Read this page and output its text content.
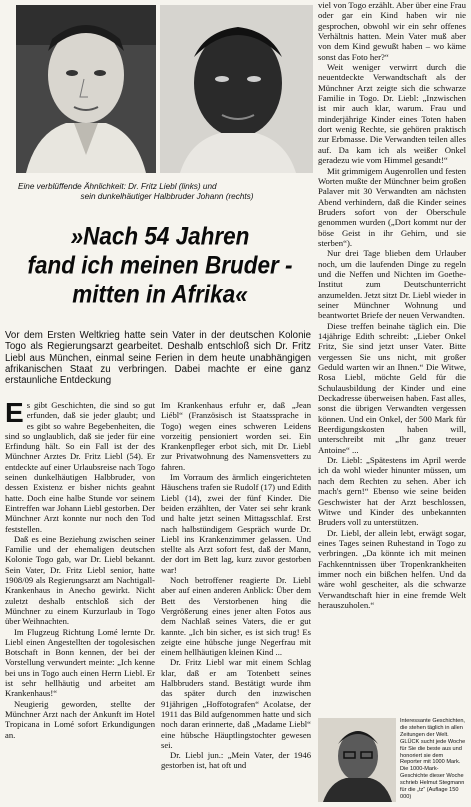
Eine verblüffende Ähnlichkeit: Dr. Fritz Liebl (links) und
sein dunkelhäutiger Halbbruder Johann (rechts)
»Nach 54 Jahren
fand ich meinen Bruder -
mitten in Afrika«
Vor dem Ersten Weltkrieg hatte sein Vater in der deutschen Kolonie Togo als Regierungsarzt gearbeitet. Deshalb entschloß sich Dr. Fritz Liebl aus München, einmal seine Ferien in dem heute unabhängigen afrikanischen Staat zu verbringen. Dabei machte er eine ganz erstaunliche Entdeckung

Es gibt Geschichten, die sind so gut erfunden, daß sie jeder glaubt; und es gibt so wahre Begebenheiten, die sind so unglaublich, daß sie jeder für eine Erfindung hält. So ein Fall ist der des Münchner Arztes Dr. Fritz Liebl (54). Er entdeckte auf einer Urlaubsreise nach Togo seinen dunkelhäutigen Halbbruder, von dessen Existenz er bisher nichts geahnt hatte. Doch eine halbe Stunde vor seinem Eintreffen war Johann Liebl gestorben. Der Münchner Arzt konnte nur noch den Tod feststellen.

Daß es eine Beziehung zwischen seiner Familie und der ehemaligen deutschen Kolonie Togo gab, war Dr. Liebl bekannt. Sein Vater, Dr. Fritz Liebl senior, hatte 1908/09 als Regierungsarzt am Nachtigall-Krankenhaus in Anecho gewirkt. Nicht zuletzt deshalb entschloß sich der Münchner zu einem Kurzurlaub in Togo über Weihnachten.

Im Flugzeug Richtung Lomé lernte Dr. Liebl einen Angestellten der togolesischen Botschaft in Bonn kennen, der bei der Vorstellung verwundert meinte: „Ich kenne bei uns in Togo auch einen Herrn Liebl. Er ist sehr hellhäutig und arbeitet am Krankenhaus!“

Neugierig geworden, stellte der Münchner Arzt nach der Ankunft im Hotel Tropicana in Lomé sofort Erkundigungen an.

Im Krankenhaus erfuhr er, daß „Jean Liébl“ (Französisch ist Staatssprache in Togo) wegen eines schweren Leidens vorzeitig pensioniert worden sei. Ein Krankenpfleger erbot sich, mit Dr. Liebl zur Privatwohnung des Namensvetters zu fahren.

Im Vorraum des ärmlich eingerichteten Häuschens trafen sie Rudolf (17) und Edith Liebl (14), zwei der fünf Kinder. Die beiden erzählten, der Vater sei sehr krank und halte jetzt seinen Mittagsschlaf. Erst nach halbstündigem Gespräch wurde Dr. Liebl ins Krankenzimmer gelassen. Und stellte als Arzt sofort fest, daß der Mann, der dort im Bett lag, kurz zuvor gestorben war!

Noch betroffener reagierte Dr. Liebl aber auf einen anderen Anblick: Über dem Bett des Verstorbenen hing die Vergrößerung eines jener alten Fotos aus dem Nachlaß seines Vaters, die er gut kannte. „Ich bin sicher, es ist sich trug! Es zeigte eine hübsche junge Negerfrau mit einem hellhäutigen kleinen Kind ...

Dr. Fritz Liebl war mit einem Schlag klar, daß er am Totenbett seines Halbbruders stand. Bestätigt wurde ihm das später durch den inzwischen 91jährigen „Hoffotografen“ Acolatse, der 1911 das Bild aufgenommen hatte und sich noch daran erinnerte, daß „Madame Liebl“ eine hübsche Häuptlingstochter gewesen sei.

Dr. Liebl jun.: „Mein Vater, der 1946 gestorben ist, hat oft und

viel von Togo erzählt. Aber über eine Frau oder gar ein Kind haben wir nie gesprochen, obwohl wir ein sehr offenes Verhältnis hatten. Mein Vater muß aber von dem Kind gewußt haben – wo käme sonst das Foto her?“

Weit weniger verwirrt durch die neuentdeckte Verwandtschaft als der Münchner Arzt zeigte sich die schwarze Familie in Togo. Dr. Liebl: „Inzwischen ist mir auch klar, warum. Frau und minderjährige Kinder eines Toten haben dort wenig Rechte, sie gehören praktisch zur Erbmasse. Die Verwandten teilen alles auf. Da kam ich als weißer Onkel geradezu wie vom Himmel gesandt!“

Mit grimmigem Augenrollen und festen Worten mußte der Münchner beim großen Palaver mit 30 Verwandten am nächsten Abend verhindern, daß die Kinder seines Bruders sofort von der Oberschule genommen wurden („Dort kommt nur der böse Geist in ihr Gehirn, und sie sterben“).

Nur drei Tage blieben dem Urlauber noch, um die laufenden Dinge zu regeln und die Neffen und Nichten im Goethe-Institut zum Deutschunterricht anzumelden. Jetzt sitzt Dr. Liebl wieder in seiner Münchner Wohnung und beantwortet Briefe der neuen Verwandten.

Diese treffen beinahe täglich ein. Die 14jährige Edith schreibt: „Lieber Onkel Fritz, Sie sind jetzt unser Vater. Bitte vergessen Sie uns nicht, mit großer Geduld warten wir an Ihnen.“ Die Witwe, Rosa Liebl, möchte Geld für die Schulausbildung der Kinder und eine Deckadresse überweisen haben. Fast alles, sonst die übrigen Verwandten vergessen können. Und ein Onkel, der 500 Mark für Beerdigungskosten haben will, unterschreibt mit „Ihr ganz treuer Antoine“ ...

Dr. Liebl: „Spätestens im April werde ich da wohl wieder hinunter müssen, um nach dem Rechten zu sehen. Aber ich mach's gern!“ Ebenso wie seine beiden Geschwister hat der Arzt beschlossen, Witwe und Kinder des unbekannten Bruders voll zu unterstützen.

Dr. Liebl, der allein lebt, erwägt sogar, eines Tages seinen Ruhestand in Togo zu verbringen. „Da könnte ich mit meinen Fachkenntnissen über Tropenkrankheiten immer noch ein bißchen helfen. Und da wäre wohl gescheiter, als die schwarze Verwandtschaft hier in eine fremde Welt herauszuholen.“

Interessante Geschichten, die stehen täglich in allen Zeitungen der Welt. GLÜCK sucht jede Woche für Sie die beste aus und honoriert sie dem Reporter mit 1000 Mark. Die 1000-Mark-Geschichte dieser Woche schrieb Helmut Stegmann für die „tz“ (Auflage 150 000)
